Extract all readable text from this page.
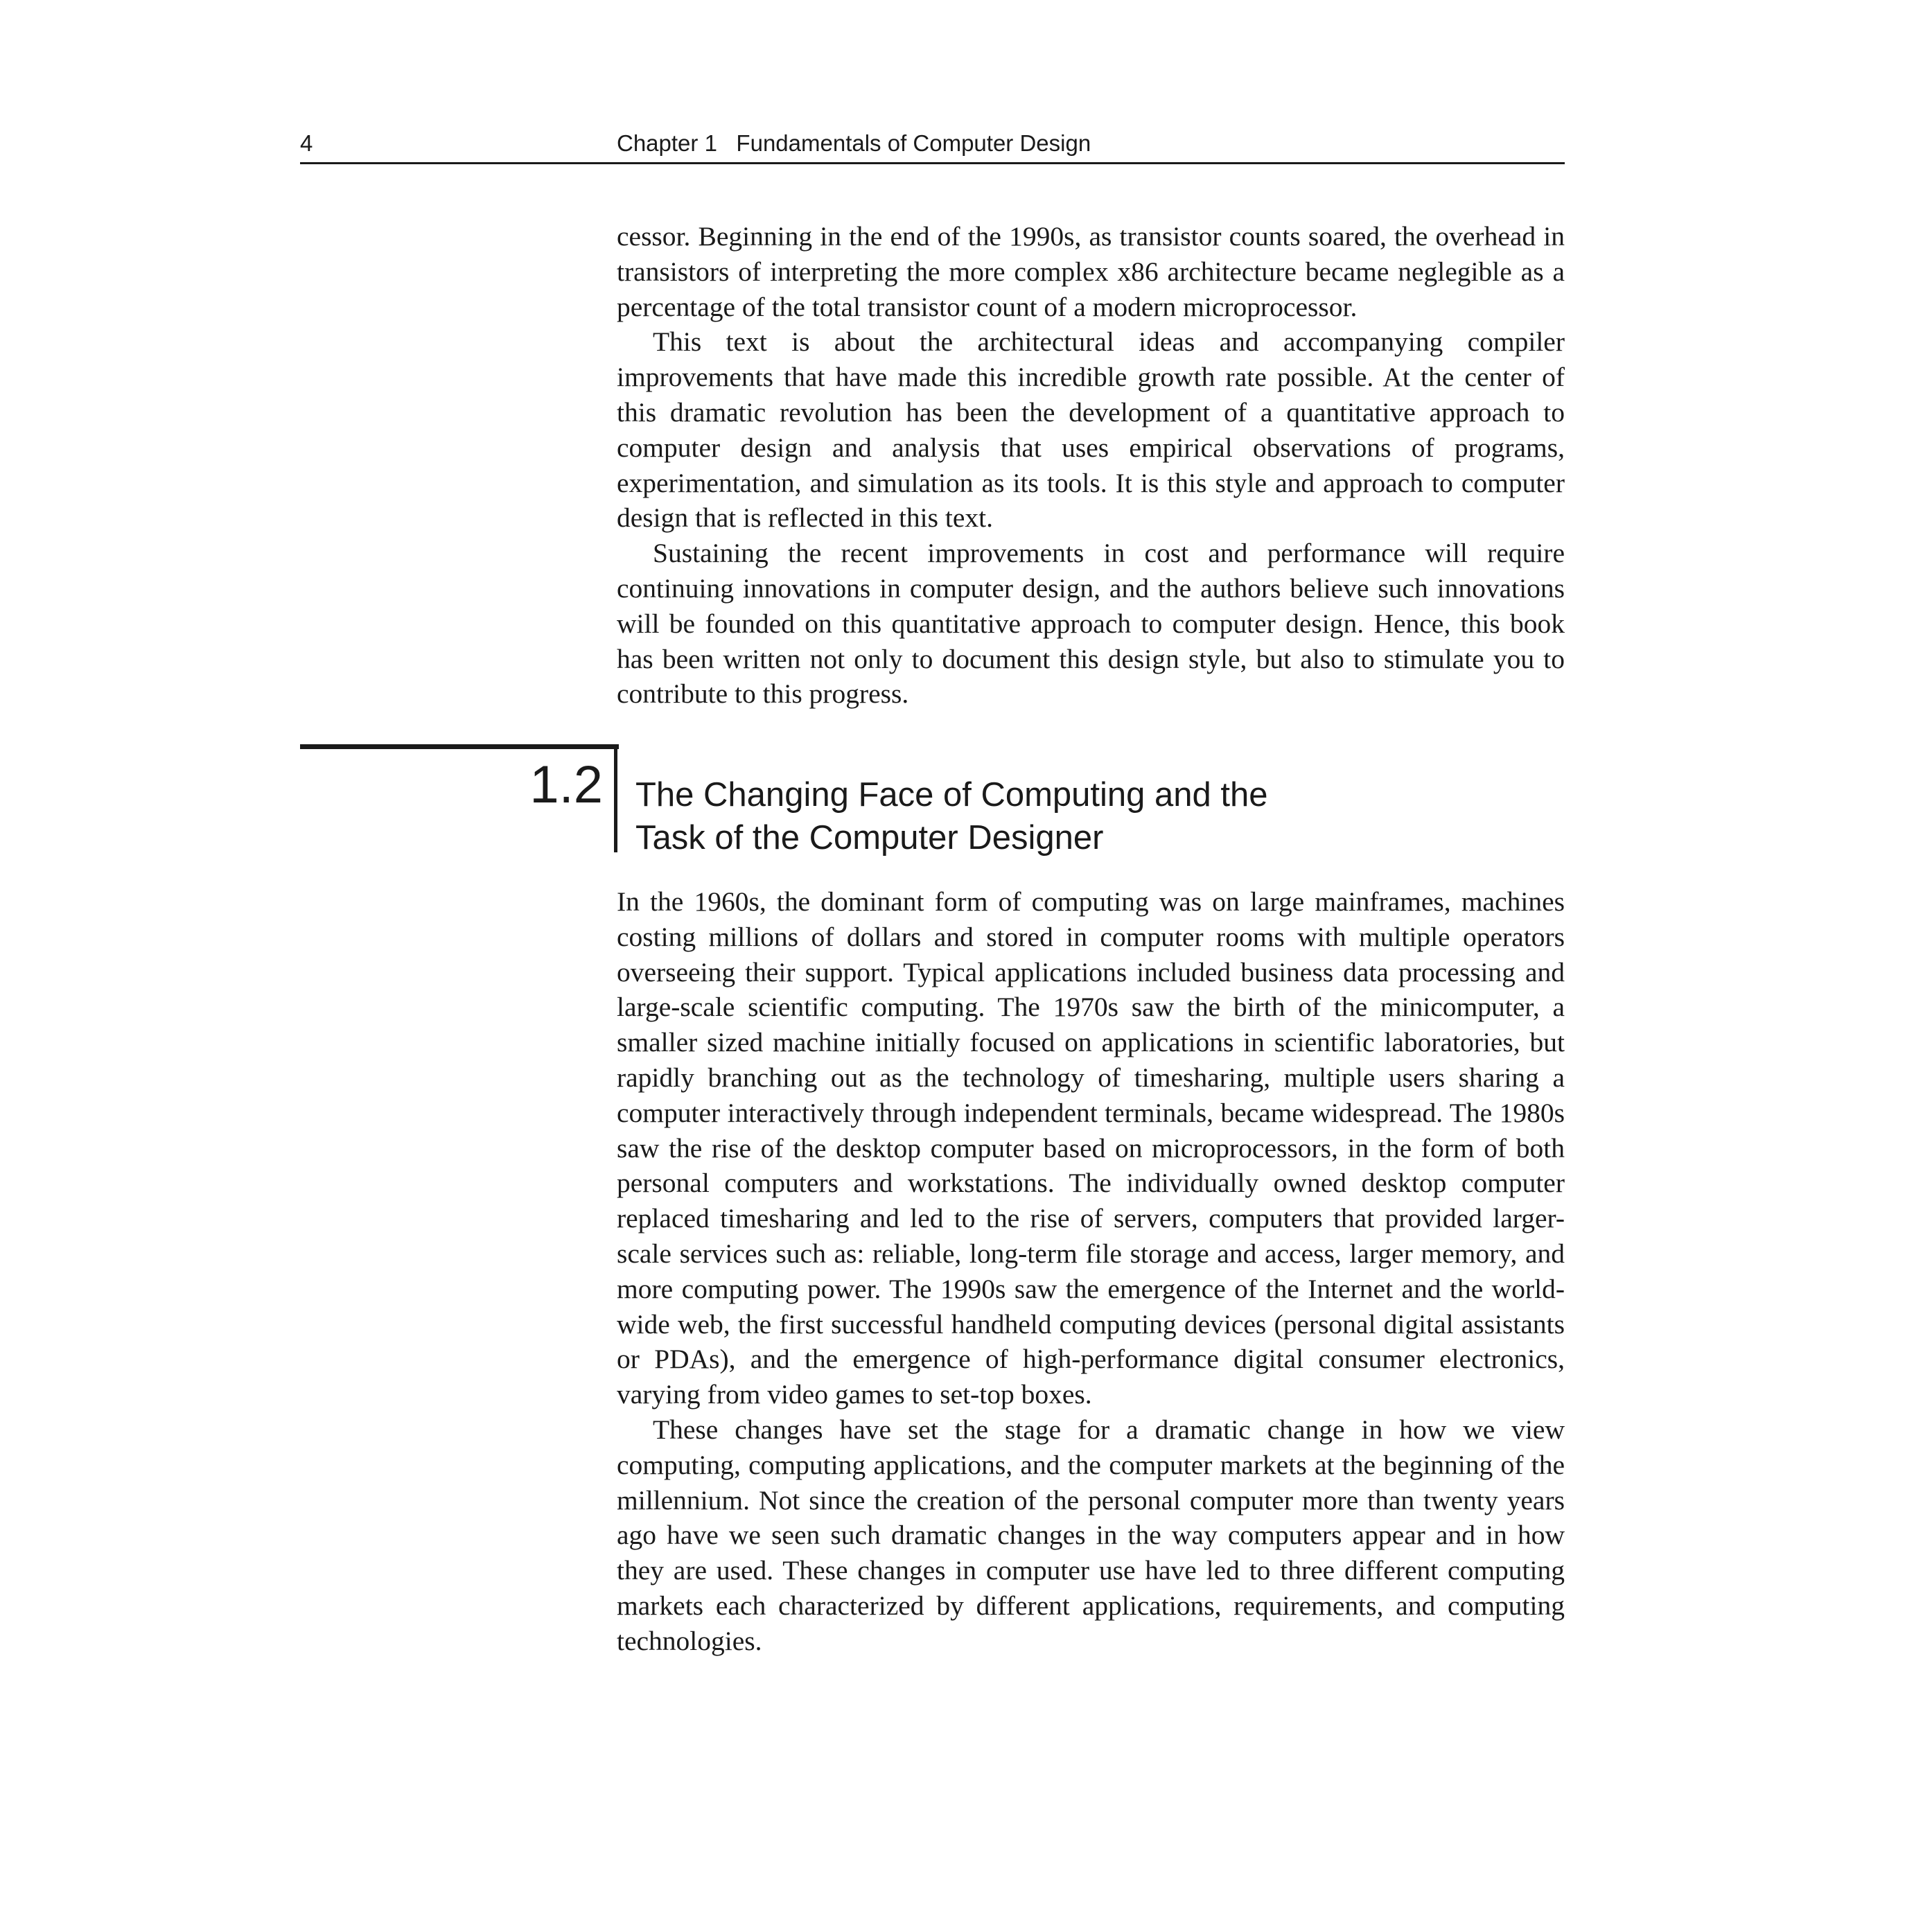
4	Chapter 1   Fundamentals of Computer Design

cessor. Beginning in the end of the 1990s, as transistor counts soared, the overhead in transistors of interpreting the more complex x86 architecture became neglegible as a percentage of the total transistor count of a modern microprocessor.

This text is about the architectural ideas and accompanying compiler improvements that have made this incredible growth rate possible. At the center of this dramatic revolution has been the development of a quantitative approach to computer design and analysis that uses empirical observations of programs, experimentation, and simulation as its tools. It is this style and approach to computer design that is reflected in this text.

Sustaining the recent improvements in cost and performance will require continuing innovations in computer design, and the authors believe such innovations will be founded on this quantitative approach to computer design. Hence, this book has been written not only to document this design style, but also to stimulate you to contribute to this progress.

1.2 The Changing Face of Computing and the
Task of the Computer Designer

In the 1960s, the dominant form of computing was on large mainframes, machines costing millions of dollars and stored in computer rooms with multiple operators overseeing their support. Typical applications included business data processing and large-scale scientific computing. The 1970s saw the birth of the minicomputer, a smaller sized machine initially focused on applications in scientific laboratories, but rapidly branching out as the technology of timesharing, multiple users sharing a computer interactively through independent terminals, became widespread. The 1980s saw the rise of the desktop computer based on microprocessors, in the form of both personal computers and workstations. The individually owned desktop computer replaced timesharing and led to the rise of servers, computers that provided larger-scale services such as: reliable, long-term file storage and access, larger memory, and more computing power. The 1990s saw the emergence of the Internet and the world-wide web, the first successful handheld computing devices (personal digital assistants or PDAs), and the emergence of high-performance digital consumer electronics, varying from video games to set-top boxes.

These changes have set the stage for a dramatic change in how we view computing, computing applications, and the computer markets at the beginning of the millennium. Not since the creation of the personal computer more than twenty years ago have we seen such dramatic changes in the way computers appear and in how they are used. These changes in computer use have led to three different computing markets each characterized by different applications, requirements, and computing technologies.
